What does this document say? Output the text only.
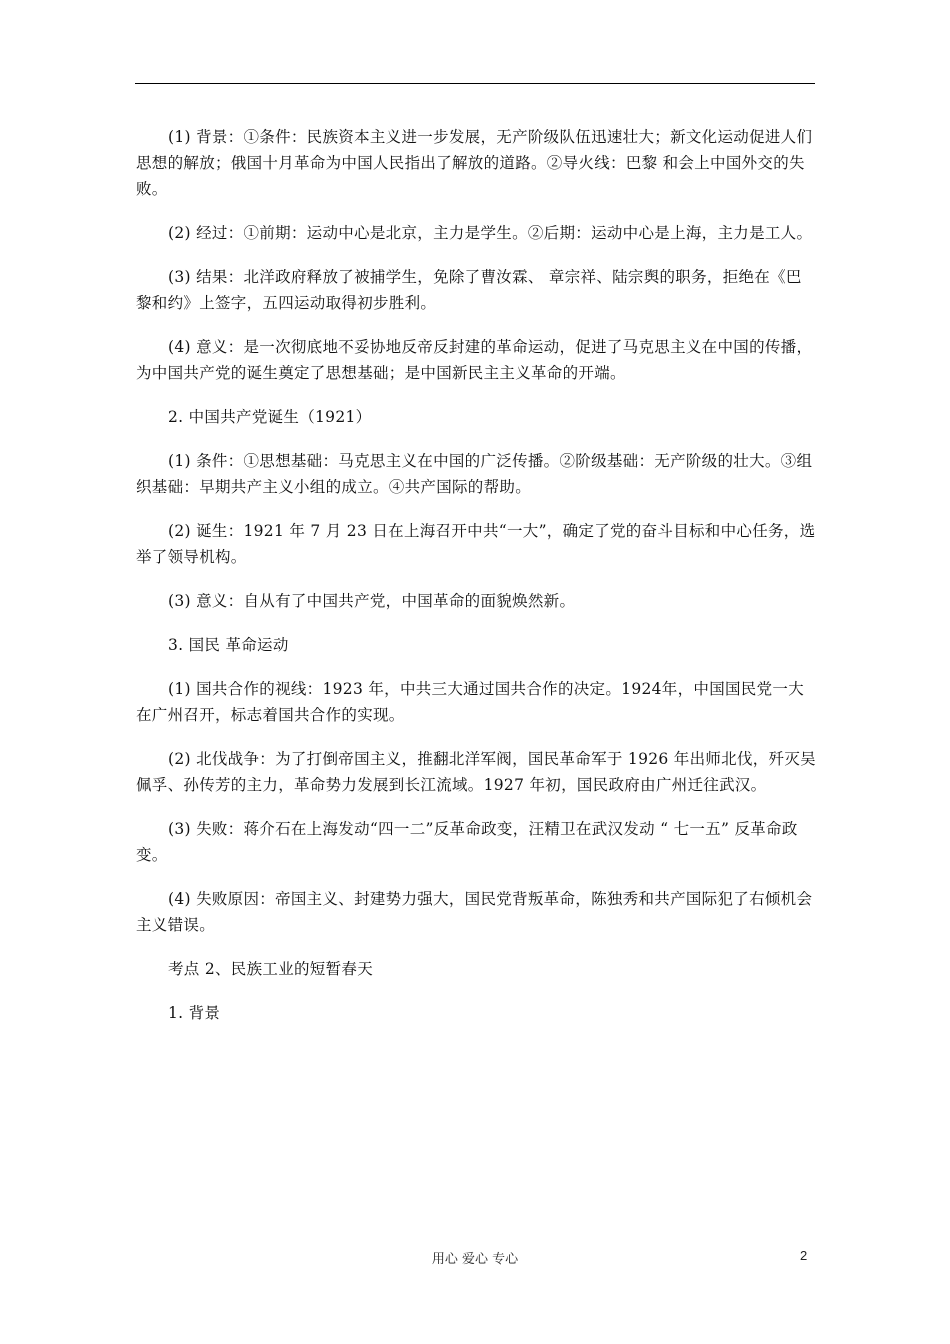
(1) 背景：①条件：民族资本主义进一步发展，无产阶级队伍迅速壮大；新文化运动促进人们思想的解放；俄国十月革命为中国人民指出了解放的道路。②导火线：巴黎 和会上中国外交的失败。

(2) 经过：①前期：运动中心是北京，主力是学生。②后期：运动中心是上海，主力是工人。

(3) 结果：北洋政府释放了被捕学生，免除了曹汝霖、 章宗祥、陆宗舆的职务，拒绝在《巴黎和约》上签字，五四运动取得初步胜利。

(4) 意义：是一次彻底地不妥协地反帝反封建的革命运动，促进了马克思主义在中国的传播，为中国共产党的诞生奠定了思想基础；是中国新民主主义革命的开端。

2. 中国共产党诞生（1921）

(1) 条件：①思想基础：马克思主义在中国的广泛传播。②阶级基础：无产阶级的壮大。③组织基础：早期共产主义小组的成立。④共产国际的帮助。

(2) 诞生：1921 年 7 月 23 日在上海召开中共“一大”，确定了党的奋斗目标和中心任务，选举了领导机构。

(3) 意义：自从有了中国共产党，中国革命的面貌焕然新。

3. 国民 革命运动

(1) 国共合作的视线：1923 年，中共三大通过国共合作的决定。1924年，中国国民党一大在广州召开，标志着国共合作的实现。

(2) 北伐战争：为了打倒帝国主义，推翻北洋军阀，国民革命军于 1926 年出师北伐，歼灭吴佩孚、孙传芳的主力，革命势力发展到长江流域。1927 年初，国民政府由广州迁往武汉。

(3) 失败：蒋介石在上海发动“四一二”反革命政变，汪精卫在武汉发动 “ 七一五” 反革命政变。

(4) 失败原因：帝国主义、封建势力强大，国民党背叛革命，陈独秀和共产国际犯了右倾机会主义错误。

考点 2、民族工业的短暂春天

1. 背景

用心 爱心 专心	2
